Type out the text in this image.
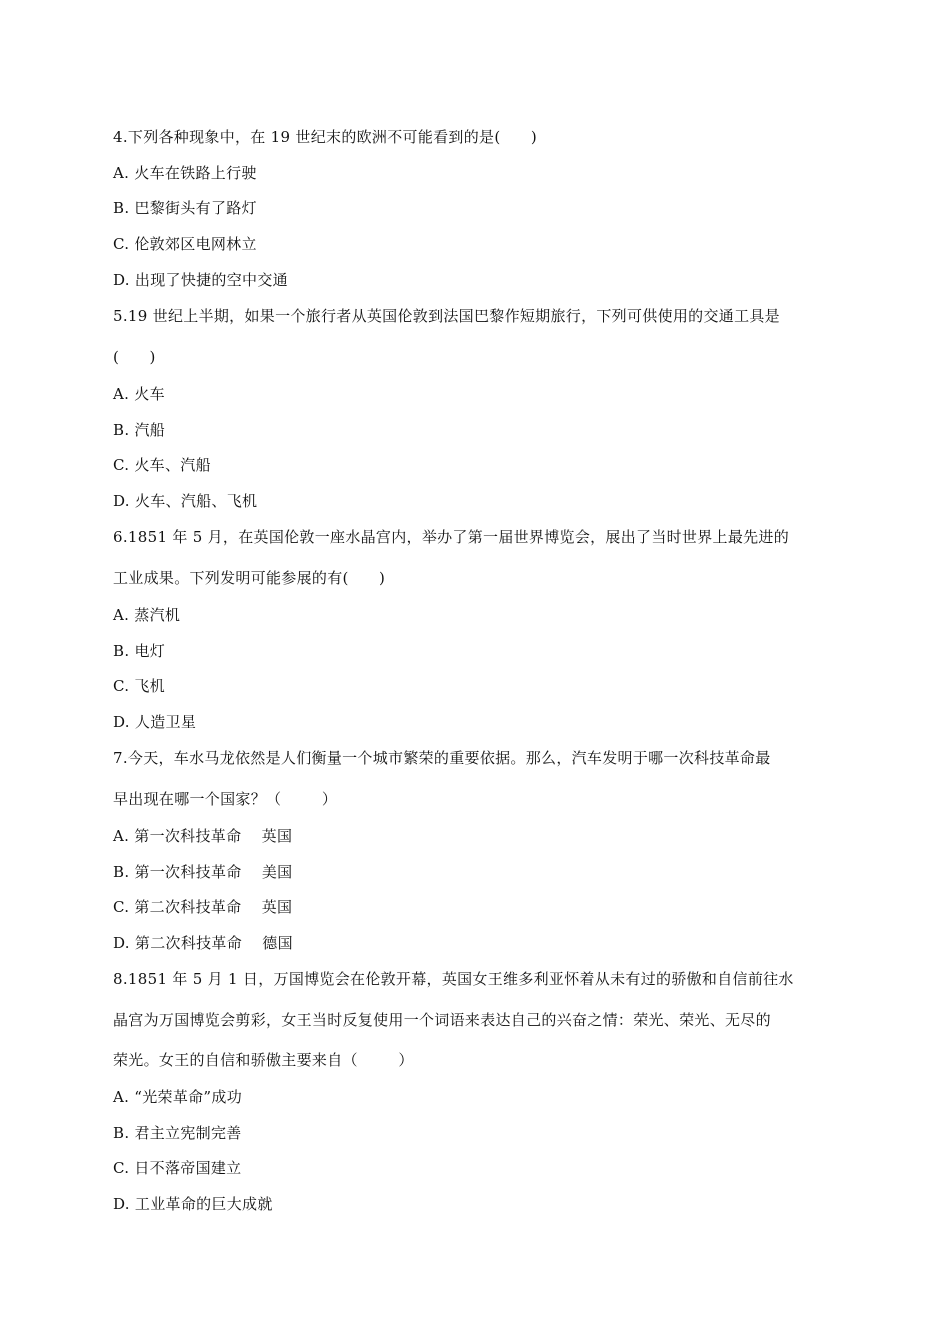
4.下列各种现象中，在 19 世纪末的欧洲不可能看到的是(      )
A. 火车在铁路上行驶
B. 巴黎街头有了路灯
C. 伦敦郊区电网林立
D. 出现了快捷的空中交通
5.19 世纪上半期，如果一个旅行者从英国伦敦到法国巴黎作短期旅行，下列可供使用的交通工具是
(      )
A. 火车
B. 汽船
C. 火车、汽船
D. 火车、汽船、飞机
6.1851 年 5 月，在英国伦敦一座水晶宫内，举办了第一届世界博览会，展出了当时世界上最先进的
工业成果。下列发明可能参展的有(      )
A. 蒸汽机
B. 电灯
C. 飞机
D. 人造卫星
7.今天，车水马龙依然是人们衡量一个城市繁荣的重要依据。那么，汽车发明于哪一次科技革命最
早出现在哪一个国家？（        ）
A. 第一次科技革命    英国
B. 第一次科技革命    美国
C. 第二次科技革命    英国
D. 第二次科技革命    德国
8.1851 年 5 月 1 日，万国博览会在伦敦开幕，英国女王维多利亚怀着从未有过的骄傲和自信前往水
晶宫为万国博览会剪彩，女王当时反复使用一个词语来表达自己的兴奋之情：荣光、荣光、无尽的
荣光。女王的自信和骄傲主要来自（        ）
A. “光荣革命”成功
B. 君主立宪制完善
C. 日不落帝国建立
D. 工业革命的巨大成就
